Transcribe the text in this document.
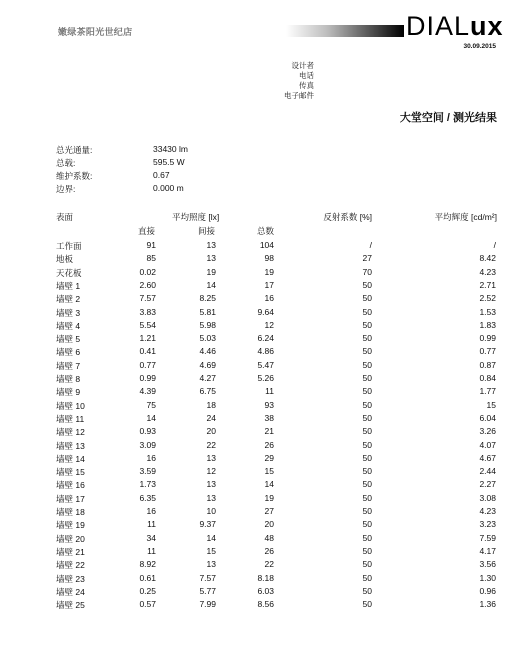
嫩绿茶阳光世纪店	DIALux
30.09.2015
设计者
电话
传真
电子邮件
大堂空间 / 测光结果
总光通量:	33430 lm
总载:	595.5 W
维护系数:	0.67
边界:	0.000 m
表面	平均照度 [lx]	反射系数 [%]	平均辉度 [cd/m²]
直接	间接	总数
工作面	91	13	104	/	/
地板	85	13	98	27	8.42
天花板	0.02	19	19	70	4.23
墙壁 1	2.60	14	17	50	2.71
墙壁 2	7.57	8.25	16	50	2.52
墙壁 3	3.83	5.81	9.64	50	1.53
墙壁 4	5.54	5.98	12	50	1.83
墙壁 5	1.21	5.03	6.24	50	0.99
墙壁 6	0.41	4.46	4.86	50	0.77
墙壁 7	0.77	4.69	5.47	50	0.87
墙壁 8	0.99	4.27	5.26	50	0.84
墙壁 9	4.39	6.75	11	50	1.77
墙壁 10	75	18	93	50	15
墙壁 11	14	24	38	50	6.04
墙壁 12	0.93	20	21	50	3.26
墙壁 13	3.09	22	26	50	4.07
墙壁 14	16	13	29	50	4.67
墙壁 15	3.59	12	15	50	2.44
墙壁 16	1.73	13	14	50	2.27
墙壁 17	6.35	13	19	50	3.08
墙壁 18	16	10	27	50	4.23
墙壁 19	11	9.37	20	50	3.23
墙壁 20	34	14	48	50	7.59
墙壁 21	11	15	26	50	4.17
墙壁 22	8.92	13	22	50	3.56
墙壁 23	0.61	7.57	8.18	50	1.30
墙壁 24	0.25	5.77	6.03	50	0.96
墙壁 25	0.57	7.99	8.56	50	1.36
